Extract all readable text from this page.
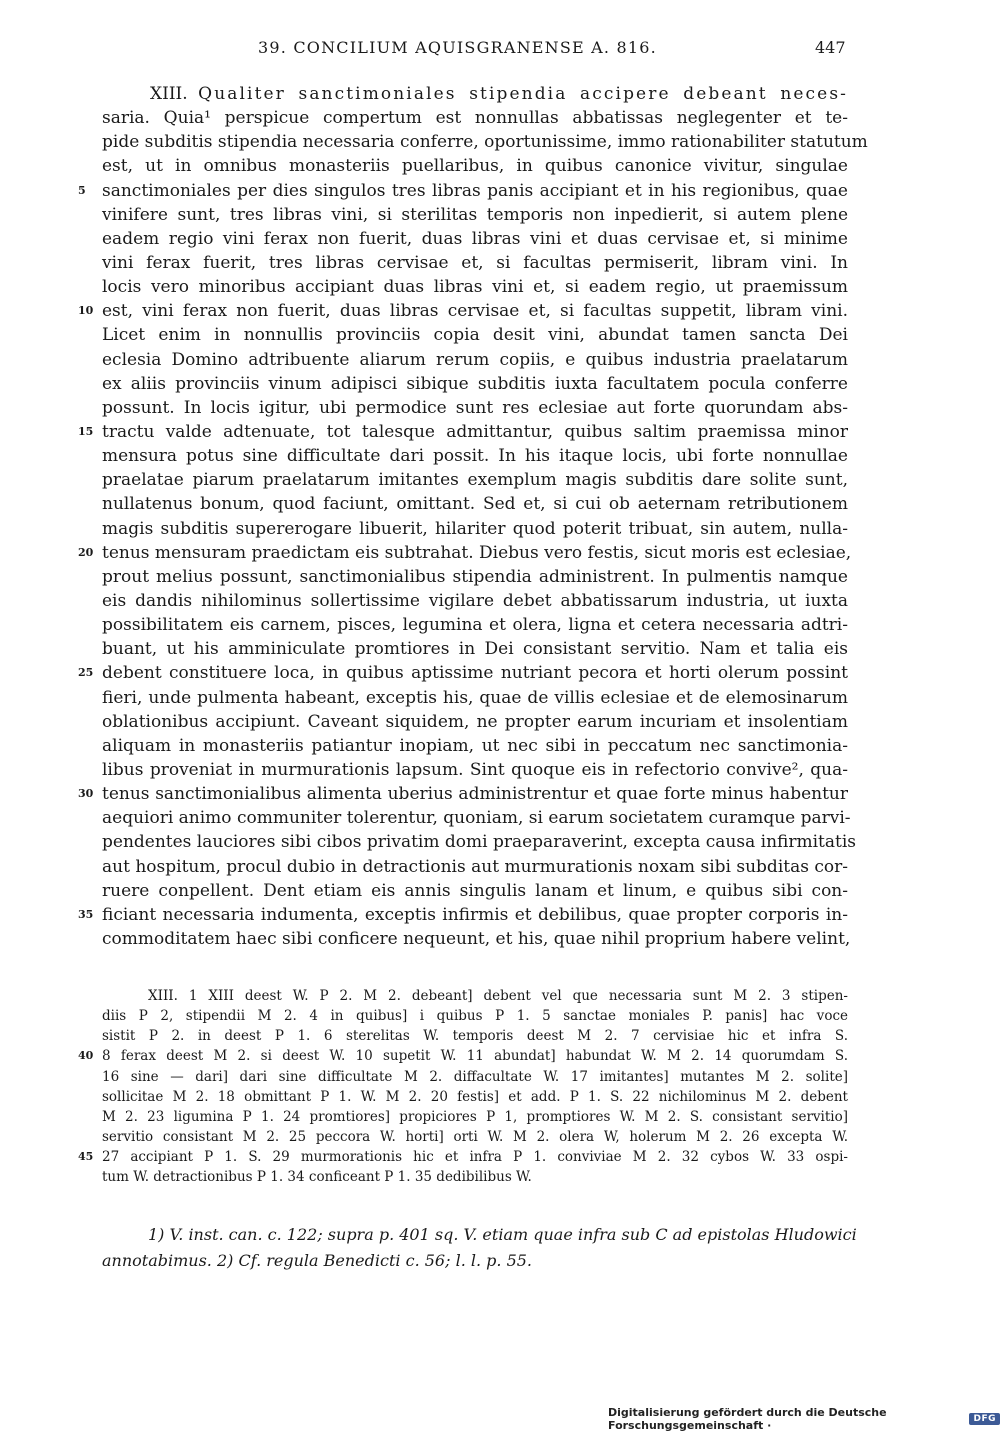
39. CONCILIUM AQUISGRANENSE A. 816.	447
XIII. Qualiter sanctimoniales stipendia accipere debeant neces-
saria. Quia¹ perspicue compertum est nonnullas abbatissas neglegenter et te-
pide subditis stipendia necessaria conferre, oportunissime, immo rationabiliter statutum
est, ut in omnibus monasteriis puellaribus, in quibus canonice vivitur, singulae
5 sanctimoniales per dies singulos tres libras panis accipiant et in his regionibus, quae
vinifere sunt, tres libras vini, si sterilitas temporis non inpedierit, si autem plene
eadem regio vini ferax non fuerit, duas libras vini et duas cervisae et, si minime
vini ferax fuerit, tres libras cervisae et, si facultas permiserit, libram vini. In
locis vero minoribus accipiant duas libras vini et, si eadem regio, ut praemissum
10 est, vini ferax non fuerit, duas libras cervisae et, si facultas suppetit, libram vini.
Licet enim in nonnullis provinciis copia desit vini, abundat tamen sancta Dei
eclesia Domino adtribuente aliarum rerum copiis, e quibus industria praelatarum
ex aliis provinciis vinum adipisci sibique subditis iuxta facultatem pocula conferre
possunt. In locis igitur, ubi permodice sunt res eclesiae aut forte quorundam abs-
15 tractu valde adtenuate, tot talesque admittantur, quibus saltim praemissa minor
mensura potus sine difficultate dari possit. In his itaque locis, ubi forte nonnullae
praelatae piarum praelatarum imitantes exemplum magis subditis dare solite sunt,
nullatenus bonum, quod faciunt, omittant. Sed et, si cui ob aeternam retributionem
magis subditis supererogare libuerit, hilariter quod poterit tribuat, sin autem, nulla-
20 tenus mensuram praedictam eis subtrahat. Diebus vero festis, sicut moris est eclesiae,
prout melius possunt, sanctimonialibus stipendia administrent. In pulmentis namque
eis dandis nihilominus sollertissime vigilare debet abbatissarum industria, ut iuxta
possibilitatem eis carnem, pisces, legumina et olera, ligna et cetera necessaria adtri-
buant, ut his amminiculate promtiores in Dei consistant servitio. Nam et talia eis
25 debent constituere loca, in quibus aptissime nutriant pecora et horti olerum possint
fieri, unde pulmenta habeant, exceptis his, quae de villis eclesiae et de elemosinarum
oblationibus accipiunt. Caveant siquidem, ne propter earum incuriam et insolentiam
aliquam in monasteriis patiantur inopiam, ut nec sibi in peccatum nec sanctimonia-
libus proveniat in murmurationis lapsum. Sint quoque eis in refectorio convive², qua-
30 tenus sanctimonialibus alimenta uberius administrentur et quae forte minus habentur
aequiori animo communiter tolerentur, quoniam, si earum societatem curamque parvi-
pendentes lauciores sibi cibos privatim domi praeparaverint, excepta causa infirmitatis
aut hospitum, procul dubio in detractionis aut murmurationis noxam sibi subditas cor-
ruere conpellent. Dent etiam eis annis singulis lanam et linum, e quibus sibi con-
35 ficiant necessaria indumenta, exceptis infirmis et debilibus, quae propter corporis in-
commoditatem haec sibi conficere nequeunt, et his, quae nihil proprium habere velint,
XIII. 1 XIII deest W. P 2. M 2. debeant] debent vel que necessaria sunt M 2. 3 stipen-
diis P 2, stipendii M 2. 4 in quibus] i quibus P 1. 5 sanctae moniales P. panis] hac voce
sistit P 2. in deest P 1. 6 sterelitas W. temporis deest M 2. 7 cervisiae hic et infra S.
40 8 ferax deest M 2. si deest W. 10 supetit W. 11 abundat] habundat W. M 2. 14 quorumdam S.
16 sine — dari] dari sine difficultate M 2. diffacultate W. 17 imitantes] mutantes M 2. solite]
sollicitae M 2. 18 obmittant P 1. W. M 2. 20 festis] et add. P 1. S. 22 nichilominus M 2. debent
M 2. 23 ligumina P 1. 24 promtiores] propiciores P 1, promptiores W. M 2. S. consistant servitio]
servitio consistant M 2. 25 peccora W. horti] orti W. M 2. olera W, holerum M 2. 26 excepta W.
45 27 accipiant P 1. S. 29 murmorationis hic et infra P 1. conviviae M 2. 32 cybos W. 33 ospi-
tum W. detractionibus P 1. 34 conficeant P 1. 35 dedibilibus W.
1) V. inst. can. c. 122; supra p. 401 sq. V. etiam quae infra sub C ad epistolas Hludowici
annotabimus. 2) Cf. regula Benedicti c. 56; l. l. p. 55.
Digitalisierung gefördert durch die Deutsche Forschungsgemeinschaft ·	DFG
